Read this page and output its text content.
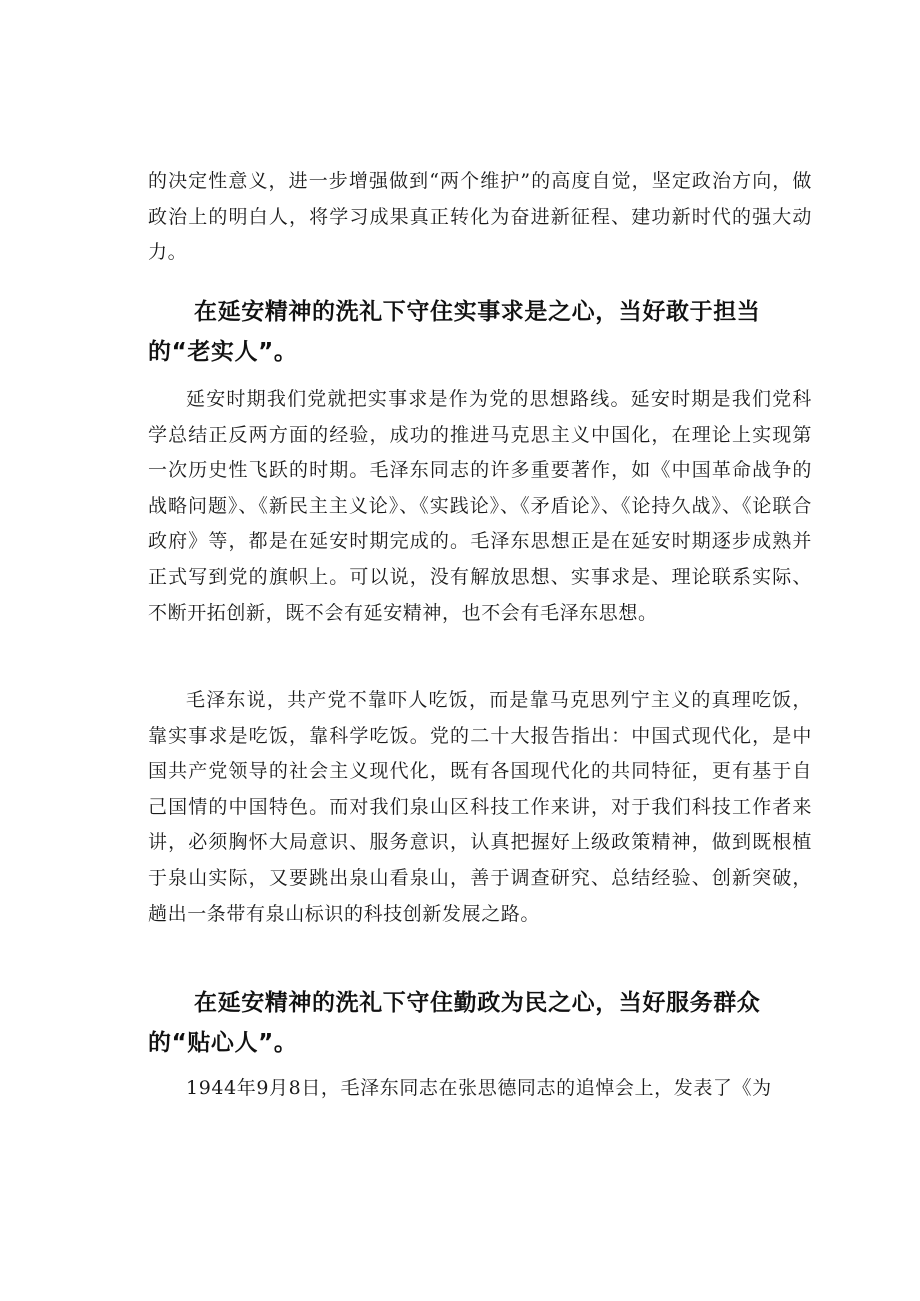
的决定性意义，进一步增强做到“两个维护”的高度自觉，坚定政治方向，做政治上的明白人，将学习成果真正转化为奋进新征程、建功新时代的强大动力。

在延安精神的洗礼下守住实事求是之心，当好敢于担当的“老实人”。

延安时期我们党就把实事求是作为党的思想路线。延安时期是我们党科学总结正反两方面的经验，成功的推进马克思主义中国化，在理论上实现第一次历史性飞跃的时期。毛泽东同志的许多重要著作，如《中国革命战争的战略问题》、《新民主主义论》、《实践论》、《矛盾论》、《论持久战》、《论联合政府》等，都是在延安时期完成的。毛泽东思想正是在延安时期逐步成熟并正式写到党的旗帜上。可以说，没有解放思想、实事求是、理论联系实际、不断开拓创新，既不会有延安精神，也不会有毛泽东思想。

毛泽东说，共产党不靠吓人吃饭，而是靠马克思列宁主义的真理吃饭，靠实事求是吃饭，靠科学吃饭。党的二十大报告指出：中国式现代化，是中国共产党领导的社会主义现代化，既有各国现代化的共同特征，更有基于自己国情的中国特色。而对我们泉山区科技工作来讲，对于我们科技工作者来讲，必须胸怀大局意识、服务意识，认真把握好上级政策精神，做到既根植于泉山实际，又要跳出泉山看泉山，善于调查研究、总结经验、创新突破，趟出一条带有泉山标识的科技创新发展之路。

在延安精神的洗礼下守住勤政为民之心，当好服务群众的“贴心人”。

1944年9月8日，毛泽东同志在张思德同志的追悼会上，发表了《为
